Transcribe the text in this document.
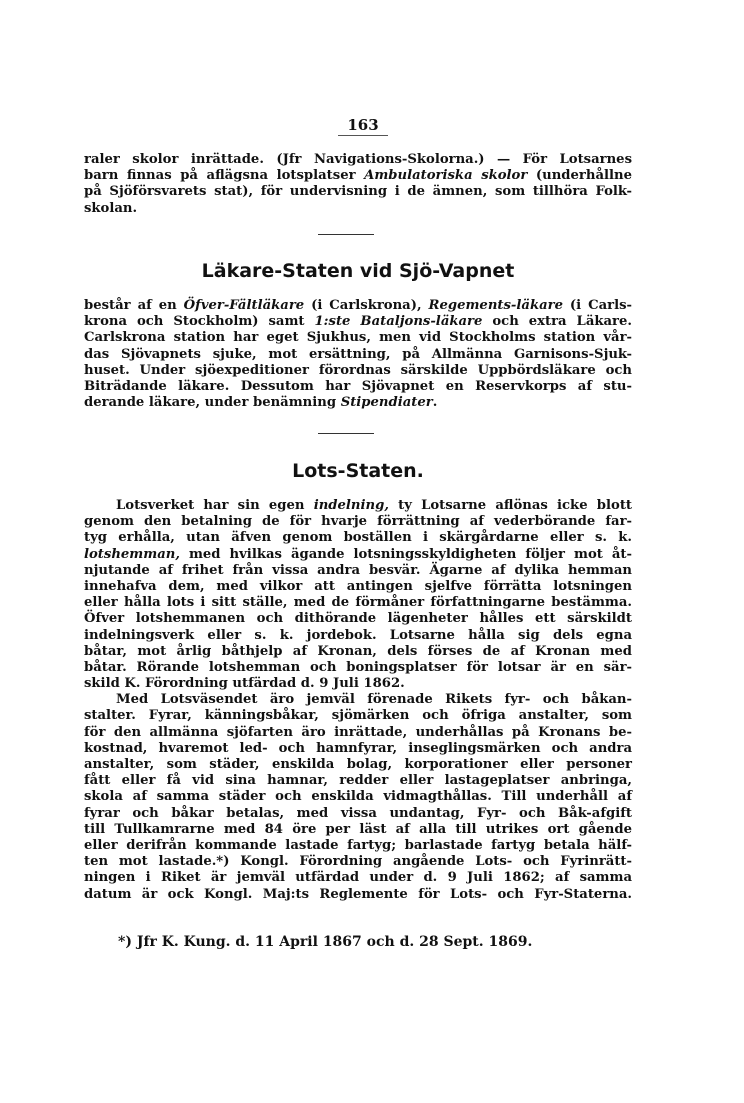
163
raler skolor inrättade. (Jfr Navigations-Skolorna.) — För Lotsarnes
barn finnas på aflägsna lotsplatser Ambulatoriska skolor (underhållne
på Sjöförsvarets stat), för undervisning i de ämnen, som tillhöra Folk-
skolan.
Läkare-Staten vid Sjö-Vapnet
består af en Öfver-Fältläkare (i Carlskrona), Regements-läkare (i Carls-
krona och Stockholm) samt 1:ste Bataljons-läkare och extra Läkare.
Carlskrona station har eget Sjukhus, men vid Stockholms station vår-
das Sjövapnets sjuke, mot ersättning, på Allmänna Garnisons-Sjuk-
huset. Under sjöexpeditioner förordnas särskilde Uppbördsläkare och
Biträdande läkare. Dessutom har Sjövapnet en Reservkorps af stu-
derande läkare, under benämning Stipendiater.
Lots-Staten.
Lotsverket har sin egen indelning, ty Lotsarne aflönas icke blott
genom den betalning de för hvarje förrättning af vederbörande far-
tyg erhålla, utan äfven genom boställen i skärgårdarne eller s. k.
lotshemman, med hvilkas ägande lotsningsskyldigheten följer mot åt-
njutande af frihet från vissa andra besvär. Ägarne af dylika hemman
innehafva dem, med vilkor att antingen sjelfve förrätta lotsningen
eller hålla lots i sitt ställe, med de förmåner författningarne bestämma.
Öfver lotshemmanen och dithörande lägenheter hålles ett särskildt
indelningsverk eller s. k. jordebok. Lotsarne hålla sig dels egna
båtar, mot årlig båthjelp af Kronan, dels förses de af Kronan med
båtar. Rörande lotshemman och boningsplatser för lotsar är en sär-
skild K. Förordning utfärdad d. 9 Juli 1862.
Med Lotsväsendet äro jemväl förenade Rikets fyr- och båkan-
stalter. Fyrar, känningsbåkar, sjömärken och öfriga anstalter, som
för den allmänna sjöfarten äro inrättade, underhållas på Kronans be-
kostnad, hvaremot led- och hamnfyrar, inseglingsmärken och andra
anstalter, som städer, enskilda bolag, korporationer eller personer
fått eller få vid sina hamnar, redder eller lastageplatser anbringa,
skola af samma städer och enskilda vidmagthållas. Till underhåll af
fyrar och båkar betalas, med vissa undantag, Fyr- och Båk-afgift
till Tullkamrarne med 84 öre per läst af alla till utrikes ort gående
eller derifrån kommande lastade fartyg; barlastade fartyg betala hälf-
ten mot lastade.*) Kongl. Förordning angående Lots- och Fyrinrätt-
ningen i Riket är jemväl utfärdad under d. 9 Juli 1862; af samma
datum är ock Kongl. Maj:ts Reglemente för Lots- och Fyr-Staterna.
*) Jfr K. Kung. d. 11 April 1867 och d. 28 Sept. 1869.
